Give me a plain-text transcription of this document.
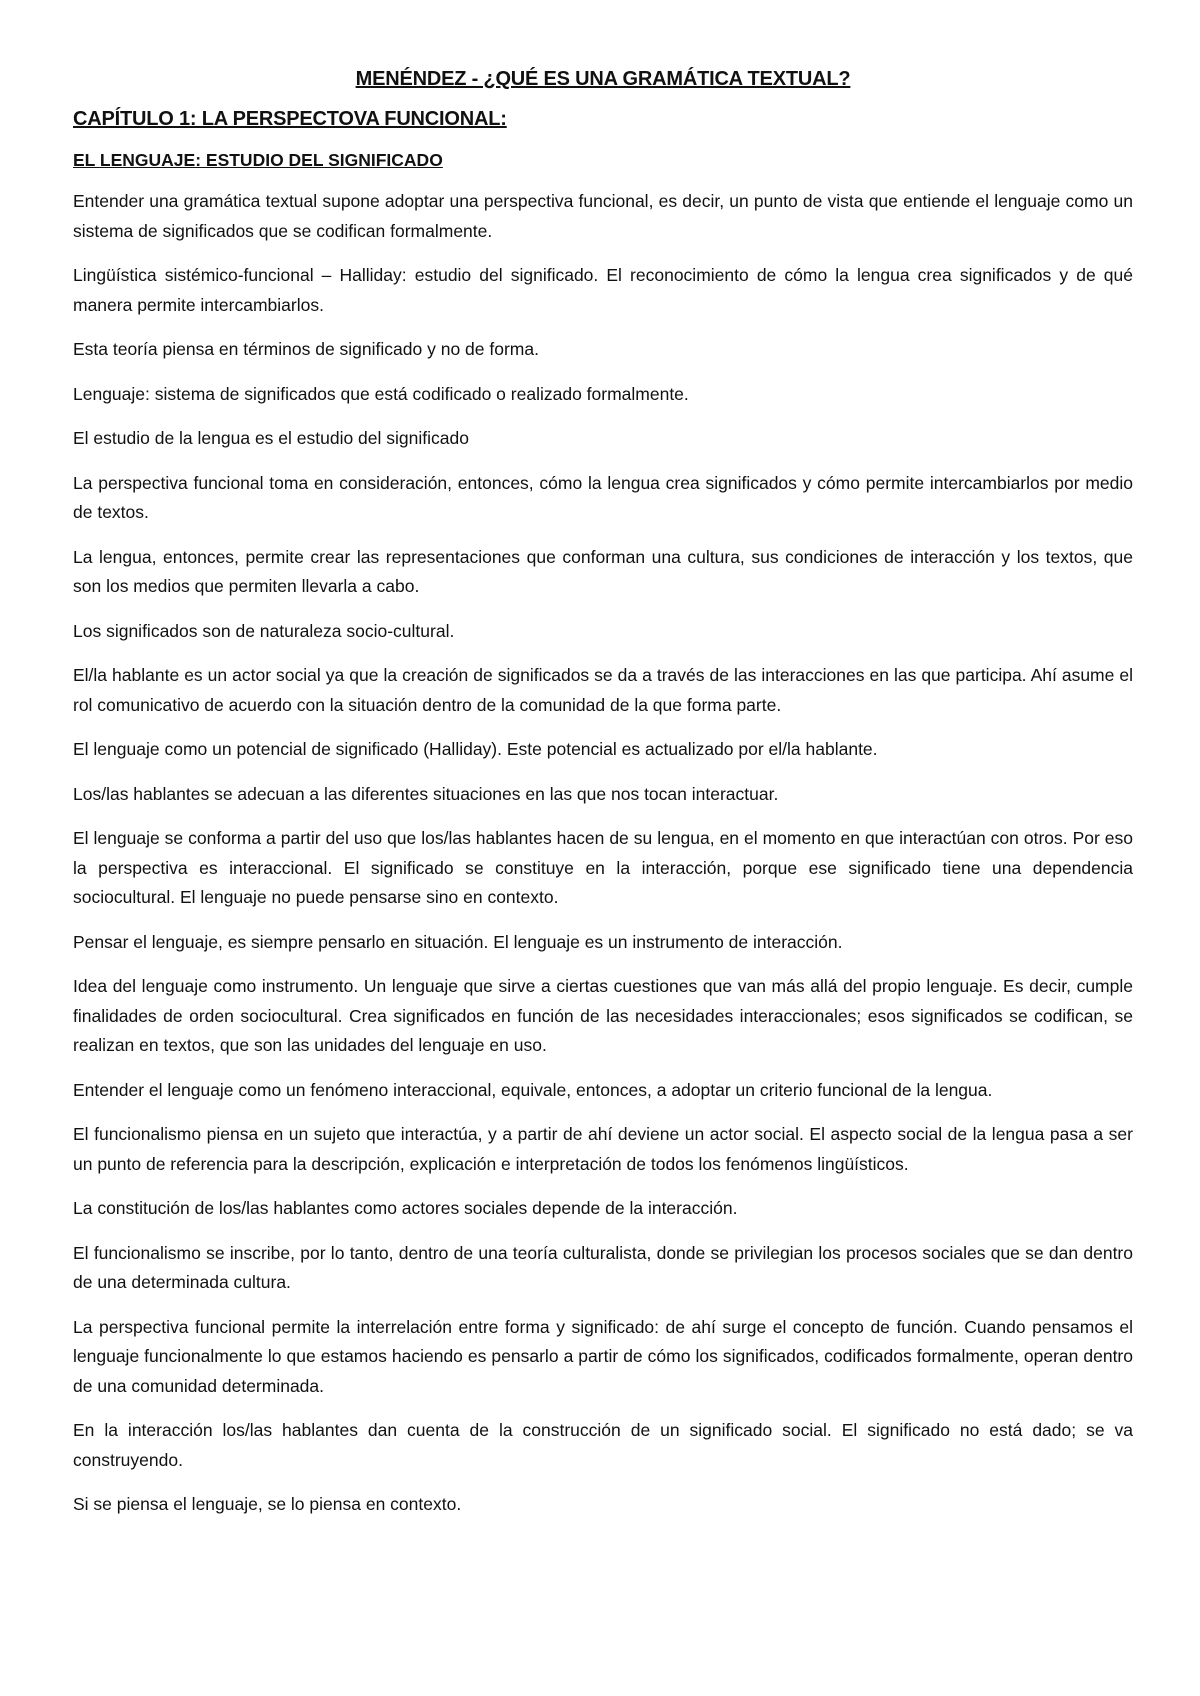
MENÉNDEZ - ¿QUÉ ES UNA GRAMÁTICA TEXTUAL?
CAPÍTULO 1: LA PERSPECTOVA FUNCIONAL:
EL LENGUAJE: ESTUDIO DEL SIGNIFICADO

Entender una gramática textual supone adoptar una perspectiva funcional, es decir, un punto de vista que entiende el lenguaje como un sistema de significados que se codifican formalmente.

Lingüística sistémico-funcional – Halliday: estudio del significado. El reconocimiento de cómo la lengua crea significados y de qué manera permite intercambiarlos.

Esta teoría piensa en términos de significado y no de forma.

Lenguaje: sistema de significados que está codificado o realizado formalmente.

El estudio de la lengua es el estudio del significado

La perspectiva funcional toma en consideración, entonces, cómo la lengua crea significados y cómo permite intercambiarlos por medio de textos.

La lengua, entonces, permite crear las representaciones que conforman una cultura, sus condiciones de interacción y los textos, que son los medios que permiten llevarla a cabo.

Los significados son de naturaleza socio-cultural.

El/la hablante es un actor social ya que la creación de significados se da a través de las interacciones en las que participa. Ahí asume el rol comunicativo de acuerdo con la situación dentro de la comunidad de la que forma parte.

El lenguaje como un potencial de significado (Halliday). Este potencial es actualizado por el/la hablante.

Los/las hablantes se adecuan a las diferentes situaciones en las que nos tocan interactuar.

El lenguaje se conforma a partir del uso que los/las hablantes hacen de su lengua, en el momento en que interactúan con otros. Por eso la perspectiva es interaccional. El significado se constituye en la interacción, porque ese significado tiene una dependencia sociocultural. El lenguaje no puede pensarse sino en contexto.

Pensar el lenguaje, es siempre pensarlo en situación. El lenguaje es un instrumento de interacción.

Idea del lenguaje como instrumento. Un lenguaje que sirve a ciertas cuestiones que van más allá del propio lenguaje. Es decir, cumple finalidades de orden sociocultural. Crea significados en función de las necesidades interaccionales; esos significados se codifican, se realizan en textos, que son las unidades del lenguaje en uso.

Entender el lenguaje como un fenómeno interaccional, equivale, entonces, a adoptar un criterio funcional de la lengua.

El funcionalismo piensa en un sujeto que interactúa, y a partir de ahí deviene un actor social. El aspecto social de la lengua pasa a ser un punto de referencia para la descripción, explicación e interpretación de todos los fenómenos lingüísticos.

La constitución de los/las hablantes como actores sociales depende de la interacción.

El funcionalismo se inscribe, por lo tanto, dentro de una teoría culturalista, donde se privilegian los procesos sociales que se dan dentro de una determinada cultura.

La perspectiva funcional permite la interrelación entre forma y significado: de ahí surge el concepto de función. Cuando pensamos el lenguaje funcionalmente lo que estamos haciendo es pensarlo a partir de cómo los significados, codificados formalmente, operan dentro de una comunidad determinada.

En la interacción los/las hablantes dan cuenta de la construcción de un significado social. El significado no está dado; se va construyendo.

Si se piensa el lenguaje, se lo piensa en contexto.
